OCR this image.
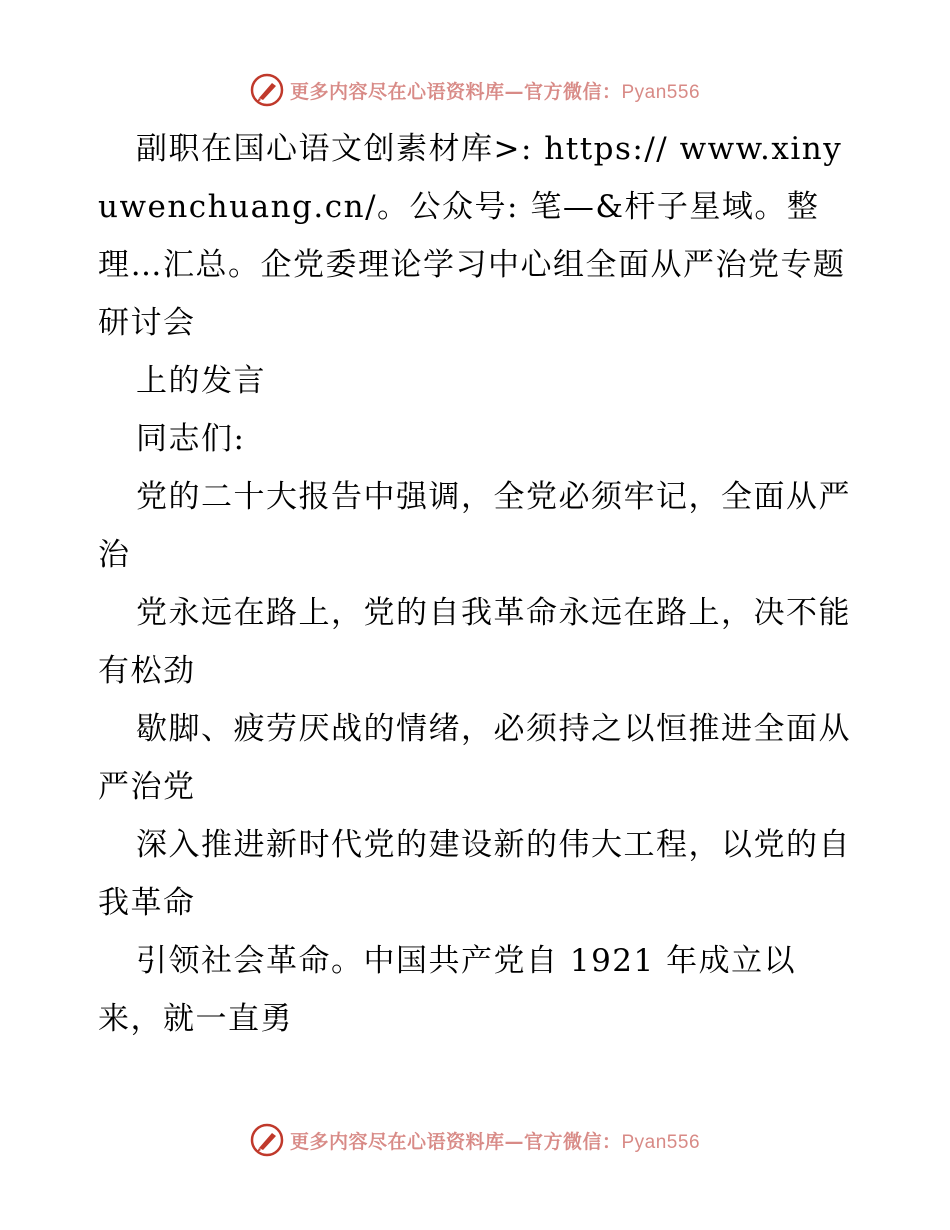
更多内容尽在心语资料库—官方微信：Pyan556

副职在国心语文创素材库>: https:// www.xinyuwenchuang.cn/。公众号: 笔—&杆子星域。整理…汇总。企党委理论学习中心组全面从严治党专题研讨会

上的发言

同志们:

党的二十大报告中强调，全党必须牢记，全面从严治

党永远在路上，党的自我革命永远在路上，决不能有松劲

歇脚、疲劳厌战的情绪，必须持之以恒推进全面从严治党

深入推进新时代党的建设新的伟大工程，以党的自我革命

引领社会革命。中国共产党自 1921 年成立以来，就一直勇

更多内容尽在心语资料库—官方微信：Pyan556
